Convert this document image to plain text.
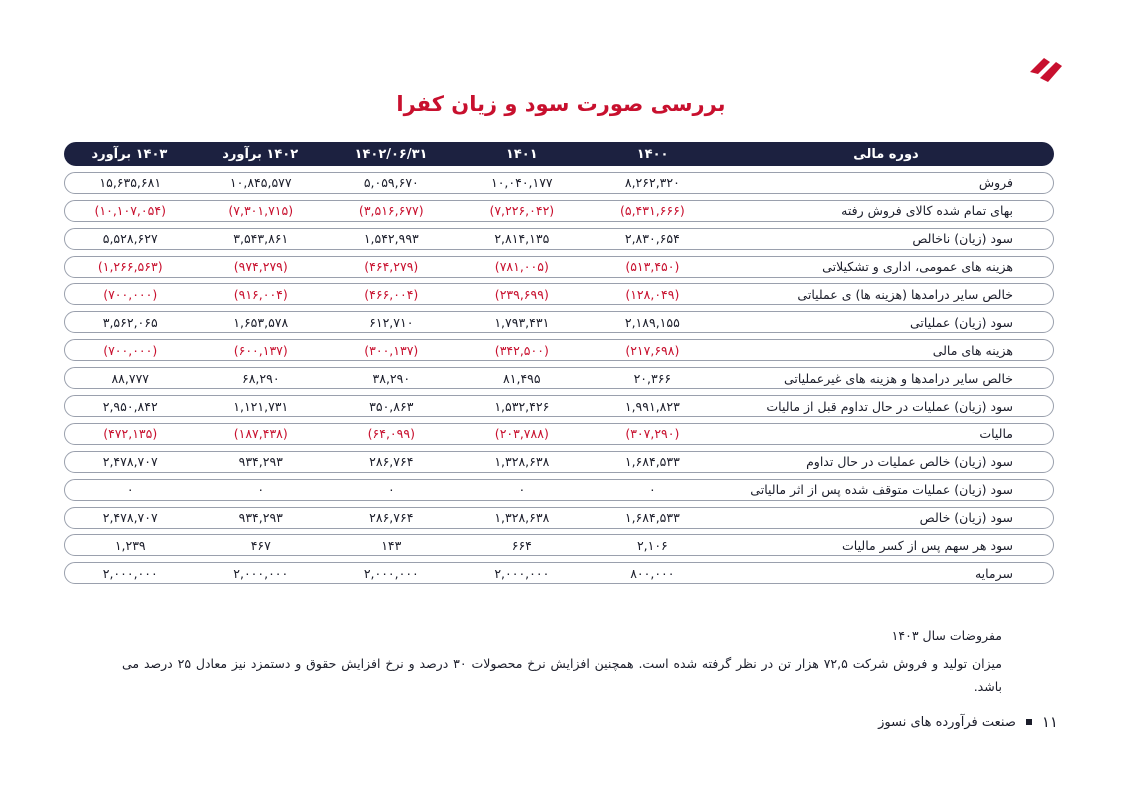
بررسی صورت سود و زیان کفرا
دوره مالی
۱۴۰۰
۱۴۰۱
۱۴۰۲/۰۶/۳۱
۱۴۰۲ برآورد
۱۴۰۳ برآورد
فروش
۸,۲۶۲,۳۲۰
۱۰,۰۴۰,۱۷۷
۵,۰۵۹,۶۷۰
۱۰,۸۴۵,۵۷۷
۱۵,۶۳۵,۶۸۱
بهای تمام شده کالای فروش رفته
(۵,۴۳۱,۶۶۶)
(۷,۲۲۶,۰۴۲)
(۳,۵۱۶,۶۷۷)
(۷,۳۰۱,۷۱۵)
(۱۰,۱۰۷,۰۵۴)
سود (زیان) ناخالص
۲,۸۳۰,۶۵۴
۲,۸۱۴,۱۳۵
۱,۵۴۲,۹۹۳
۳,۵۴۳,۸۶۱
۵,۵۲۸,۶۲۷
هزینه های عمومی، اداری و تشکیلاتی
(۵۱۳,۴۵۰)
(۷۸۱,۰۰۵)
(۴۶۴,۲۷۹)
(۹۷۴,۲۷۹)
(۱,۲۶۶,۵۶۳)
خالص سایر درامدها (هزینه ها) ی عملیاتی
(۱۲۸,۰۴۹)
(۲۳۹,۶۹۹)
(۴۶۶,۰۰۴)
(۹۱۶,۰۰۴)
(۷۰۰,۰۰۰)
سود (زیان) عملیاتی
۲,۱۸۹,۱۵۵
۱,۷۹۳,۴۳۱
۶۱۲,۷۱۰
۱,۶۵۳,۵۷۸
۳,۵۶۲,۰۶۵
هزینه های مالی
(۲۱۷,۶۹۸)
(۳۴۲,۵۰۰)
(۳۰۰,۱۳۷)
(۶۰۰,۱۳۷)
(۷۰۰,۰۰۰)
خالص سایر درامدها و هزینه های غیرعملیاتی
۲۰,۳۶۶
۸۱,۴۹۵
۳۸,۲۹۰
۶۸,۲۹۰
۸۸,۷۷۷
سود (زیان) عملیات در حال تداوم قبل از مالیات
۱,۹۹۱,۸۲۳
۱,۵۳۲,۴۲۶
۳۵۰,۸۶۳
۱,۱۲۱,۷۳۱
۲,۹۵۰,۸۴۲
مالیات
(۳۰۷,۲۹۰)
(۲۰۳,۷۸۸)
(۶۴,۰۹۹)
(۱۸۷,۴۳۸)
(۴۷۲,۱۳۵)
سود (زیان) خالص عملیات در حال تداوم
۱,۶۸۴,۵۳۳
۱,۳۲۸,۶۳۸
۲۸۶,۷۶۴
۹۳۴,۲۹۳
۲,۴۷۸,۷۰۷
سود (زیان) عملیات متوقف شده پس از اثر مالیاتی
۰
۰
۰
۰
۰
سود (زیان) خالص
۱,۶۸۴,۵۳۳
۱,۳۲۸,۶۳۸
۲۸۶,۷۶۴
۹۳۴,۲۹۳
۲,۴۷۸,۷۰۷
سود هر سهم پس از کسر مالیات
۲,۱۰۶
۶۶۴
۱۴۳
۴۶۷
۱,۲۳۹
سرمایه
۸۰۰,۰۰۰
۲,۰۰۰,۰۰۰
۲,۰۰۰,۰۰۰
۲,۰۰۰,۰۰۰
۲,۰۰۰,۰۰۰
مفروضات سال ۱۴۰۳
میزان تولید و فروش شرکت ۷۲,۵ هزار تن در نظر گرفته شده است. همچنین افزایش نرخ محصولات ۳۰ درصد و نرخ افزایش حقوق و دستمزد نیز معادل ۲۵ درصد می باشد.
۱۱
صنعت فرآورده های نسوز
